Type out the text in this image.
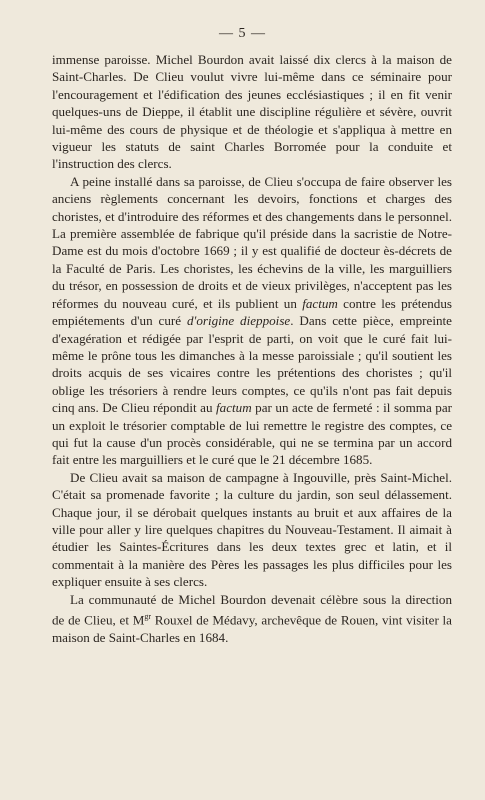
— 5 —

immense paroisse. Michel Bourdon avait laissé dix clercs à la maison de Saint-Charles. De Clieu voulut vivre lui-même dans ce séminaire pour l'encouragement et l'édification des jeunes ecclésiastiques ; il en fit venir quelques-uns de Dieppe, il établit une discipline régulière et sévère, ouvrit lui-même des cours de physique et de théologie et s'appliqua à mettre en vigueur les statuts de saint Charles Borromée pour la conduite et l'instruction des clercs.

A peine installé dans sa paroisse, de Clieu s'occupa de faire observer les anciens règlements concernant les devoirs, fonctions et charges des choristes, et d'introduire des réformes et des changements dans le personnel. La première assemblée de fabrique qu'il préside dans la sacristie de Notre-Dame est du mois d'octobre 1669 ; il y est qualifié de docteur ès-décrets de la Faculté de Paris. Les choristes, les échevins de la ville, les marguilliers du trésor, en possession de droits et de vieux privilèges, n'acceptent pas les réformes du nouveau curé, et ils publient un factum contre les prétendus empiétements d'un curé d'origine dieppoise. Dans cette pièce, empreinte d'exagération et rédigée par l'esprit de parti, on voit que le curé fait lui-même le prône tous les dimanches à la messe paroissiale ; qu'il soutient les droits acquis de ses vicaires contre les prétentions des choristes ; qu'il oblige les trésoriers à rendre leurs comptes, ce qu'ils n'ont pas fait depuis cinq ans. De Clieu répondit au factum par un acte de fermeté : il somma par un exploit le trésorier comptable de lui remettre le registre des comptes, ce qui fut la cause d'un procès considérable, qui ne se termina par un accord fait entre les marguilliers et le curé que le 21 décembre 1685.

De Clieu avait sa maison de campagne à Ingouville, près Saint-Michel. C'était sa promenade favorite ; la culture du jardin, son seul délassement. Chaque jour, il se dérobait quelques instants au bruit et aux affaires de la ville pour aller y lire quelques chapitres du Nouveau-Testament. Il aimait à étudier les Saintes-Écritures dans les deux textes grec et latin, et il commentait à la manière des Pères les passages les plus difficiles pour les expliquer ensuite à ses clercs.

La communauté de Michel Bourdon devenait célèbre sous la direction de de Clieu, et $M^{gr}$ Rouxel de Médavy, archevêque de Rouen, vint visiter la maison de Saint-Charles en 1684.
